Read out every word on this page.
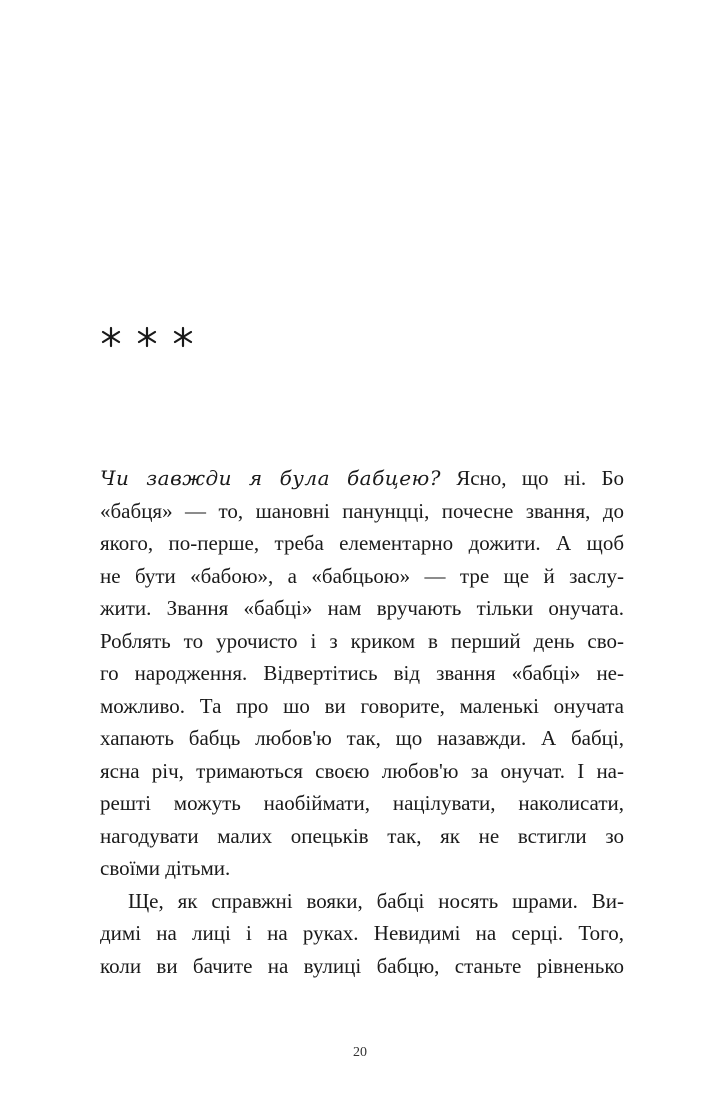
Чи завжди я була бабцею? Ясно, що ні. Бо
«бабця» — то, шановні панунцці, почесне звання, до
якого, по-перше, треба елементарно дожити. А щоб
не бути «бабою», а «бабцьою» — тре ще й заслу-
жити. Звання «бабці» нам вручають тільки онучата.
Роблять то урочисто і з криком в перший день сво-
го народження. Відвертітись від звання «бабці» не-
можливо. Та про шо ви говорите, маленькі онучата
хапають бабць любов'ю так, що назавжди. А бабці,
ясна річ, тримаються своєю любов'ю за онучат. І на-
решті можуть наобіймати, націлувати, наколисати,
нагодувати малих опецьків так, як не встигли зо
своїми дітьми.
Ще, як справжні вояки, бабці носять шрами. Ви-
димі на лиці і на руках. Невидимі на серці. Того,
коли ви бачите на вулиці бабцю, станьте рівненько
20
